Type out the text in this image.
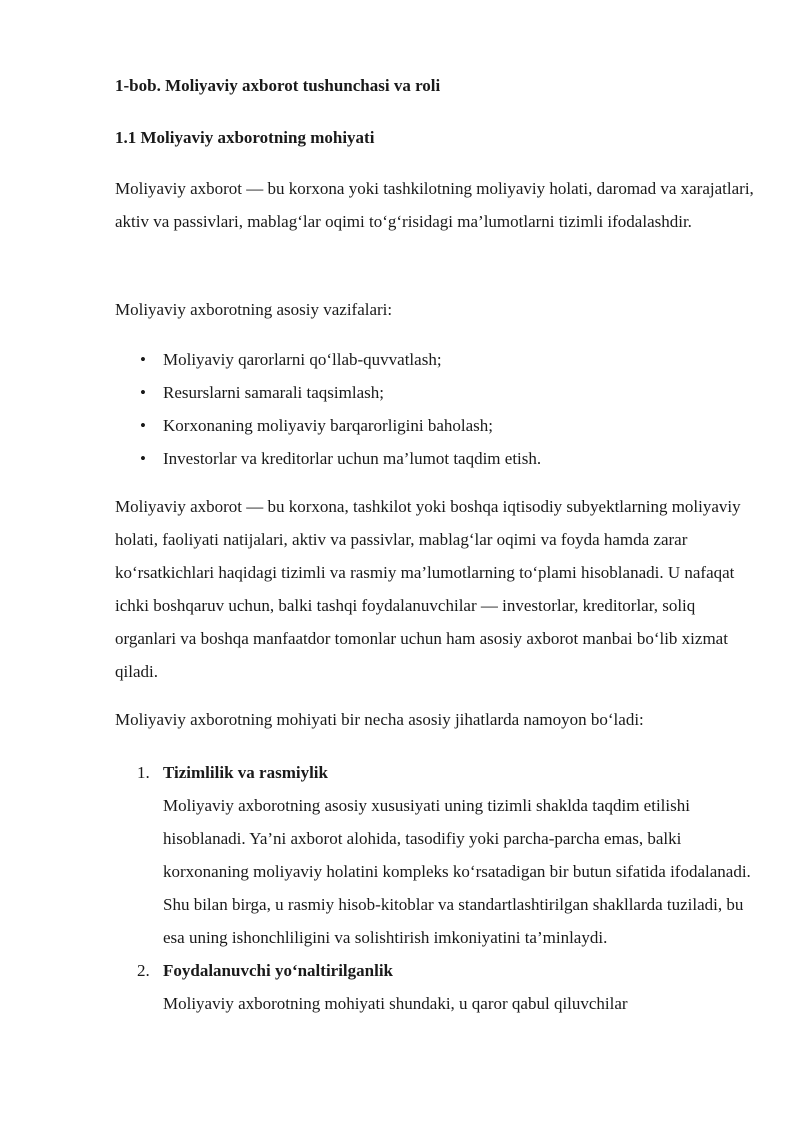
1-bob. Moliyaviy axborot tushunchasi va roli
1.1 Moliyaviy axborotning mohiyati

Moliyaviy axborot — bu korxona yoki tashkilotning moliyaviy holati, daromad va xarajatlari, aktiv va passivlari, mablag‘lar oqimi to‘g‘risidagi ma’lumotlarni tizimli ifodalashdir.

Moliyaviy axborotning asosiy vazifalari:

• Moliyaviy qarorlarni qo‘llab-quvvatlash;
• Resurslarni samarali taqsimlash;
• Korxonaning moliyaviy barqarorligini baholash;
• Investorlar va kreditorlar uchun ma’lumot taqdim etish.

Moliyaviy axborot — bu korxona, tashkilot yoki boshqa iqtisodiy subyektlarning moliyaviy holati, faoliyati natijalari, aktiv va passivlar, mablag‘lar oqimi va foyda hamda zarar ko‘rsatkichlari haqidagi tizimli va rasmiy ma’lumotlarning to‘plami hisoblanadi. U nafaqat ichki boshqaruv uchun, balki tashqi foydalanuvchilar — investorlar, kreditorlar, soliq organlari va boshqa manfaatdor tomonlar uchun ham asosiy axborot manbai bo‘lib xizmat qiladi.

Moliyaviy axborotning mohiyati bir necha asosiy jihatlarda namoyon bo‘ladi:

1. Tizimlilik va rasmiylik
Moliyaviy axborotning asosiy xususiyati uning tizimli shaklda taqdim etilishi hisoblanadi. Ya’ni axborot alohida, tasodifiy yoki parcha-parcha emas, balki korxonaning moliyaviy holatini kompleks ko‘rsatadigan bir butun sifatida ifodalanadi. Shu bilan birga, u rasmiy hisob-kitoblar va standartlashtirilgan shakllarda tuziladi, bu esa uning ishonchliligini va solishtirish imkoniyatini ta’minlaydi.
2. Foydalanuvchi yo‘naltirilganlik
Moliyaviy axborotning mohiyati shundaki, u qaror qabul qiluvchilar
